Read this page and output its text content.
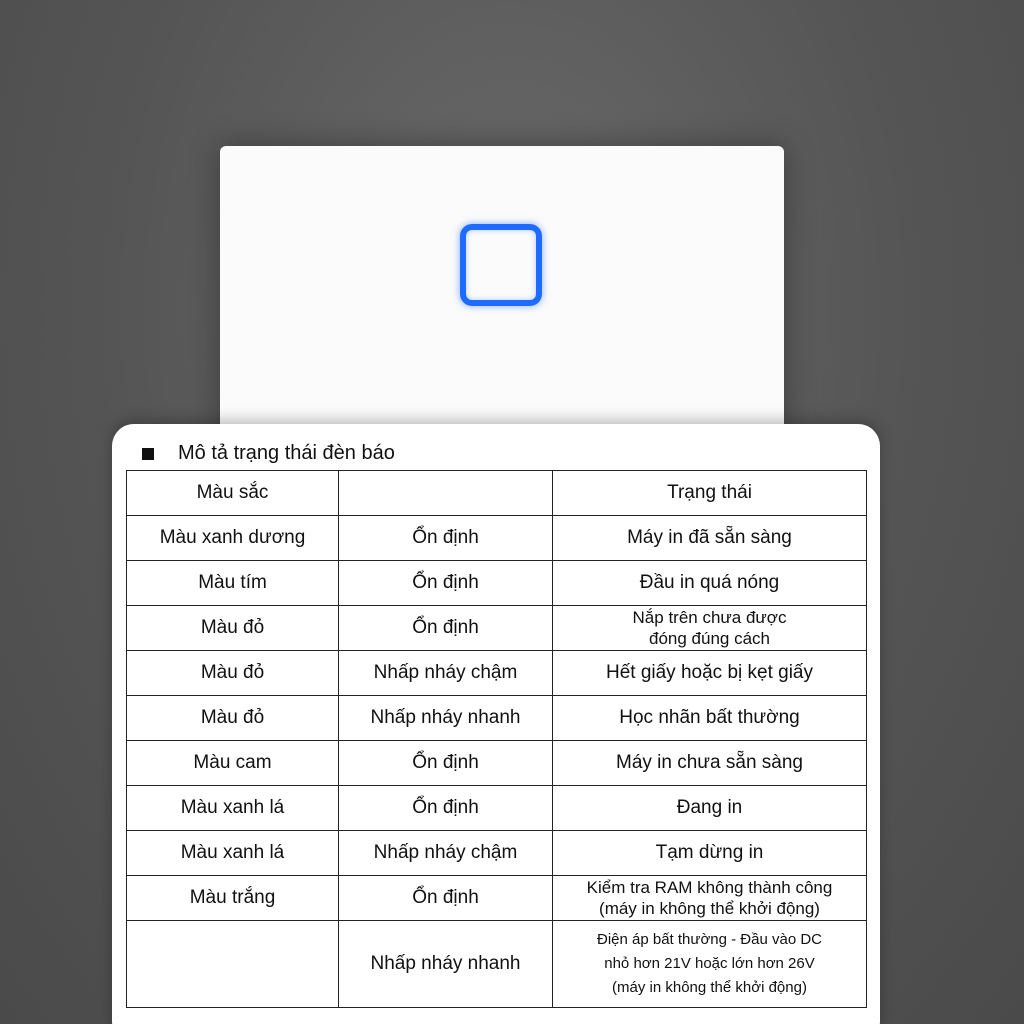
Mô tả trạng thái đèn báo
Màu sắc		Trạng thái
Màu xanh dương	Ổn định	Máy in đã sẵn sàng

Màu tím	Ổn định	Đầu in quá nóng

Màu đỏ	Ổn định	Nắp trên chưa được
đóng đúng cách

Màu đỏ	Nhấp nháy chậm	Hết giấy hoặc bị kẹt giấy

Màu đỏ	Nhấp nháy nhanh	Học nhãn bất thường

Màu cam	Ổn định	Máy in chưa sẵn sàng

Màu xanh lá	Ổn định	Đang in

Màu xanh lá	Nhấp nháy chậm	Tạm dừng in

Màu trắng	Ổn định	Kiểm tra RAM không thành công
(máy in không thể khởi động)

	Nhấp nháy nhanh	Điện áp bất thường - Đầu vào DC
nhỏ hơn 21V hoặc lớn hơn 26V
(máy in không thể khởi động)
